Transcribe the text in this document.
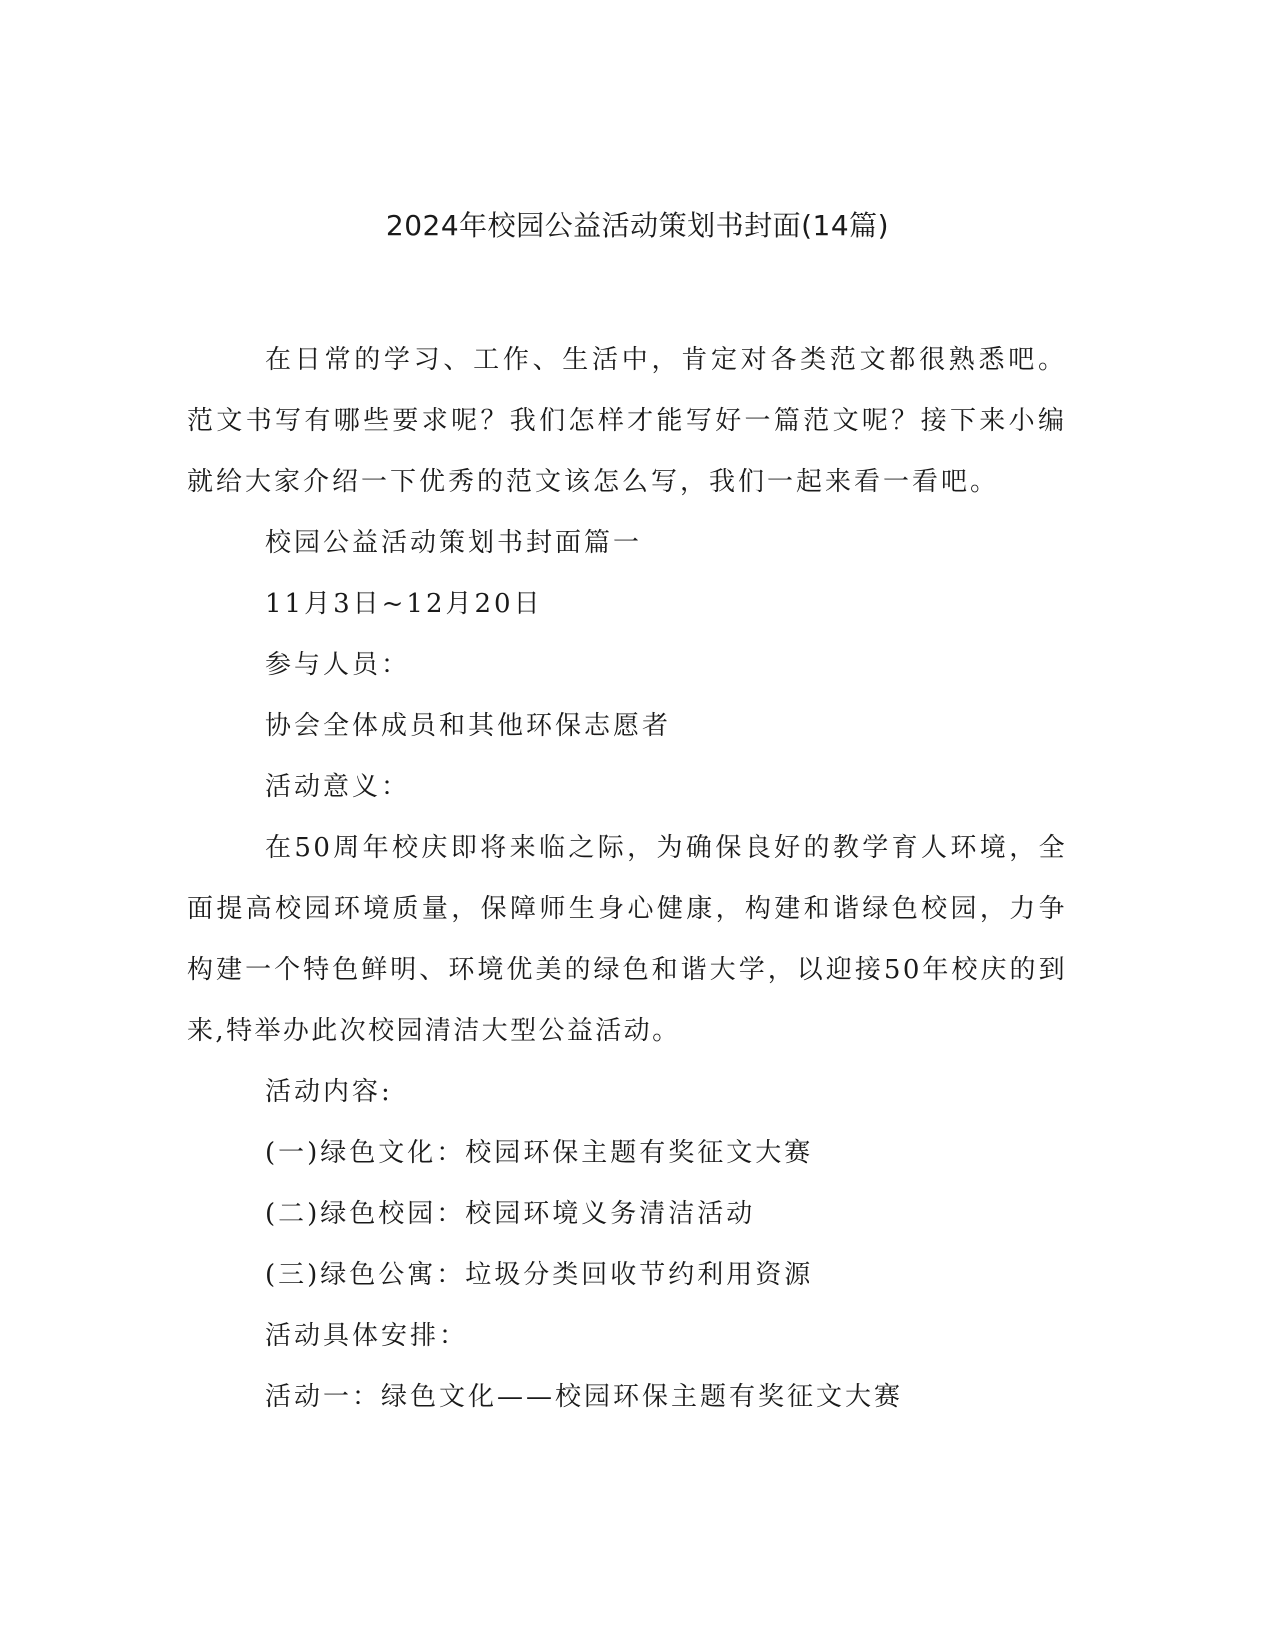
2024年校园公益活动策划书封面(14篇)

在日常的学习、工作、生活中，肯定对各类范文都很熟悉吧。范文书写有哪些要求呢？我们怎样才能写好一篇范文呢？接下来小编就给大家介绍一下优秀的范文该怎么写，我们一起来看一看吧。

校园公益活动策划书封面篇一

11月3日~12月20日

参与人员：

协会全体成员和其他环保志愿者

活动意义：

在50周年校庆即将来临之际，为确保良好的教学育人环境，全面提高校园环境质量，保障师生身心健康，构建和谐绿色校园，力争构建一个特色鲜明、环境优美的绿色和谐大学，以迎接50年校庆的到来,特举办此次校园清洁大型公益活动。

活动内容:

(一)绿色文化：校园环保主题有奖征文大赛

(二)绿色校园：校园环境义务清洁活动

(三)绿色公寓：垃圾分类回收节约利用资源

活动具体安排：

活动一：绿色文化——校园环保主题有奖征文大赛
